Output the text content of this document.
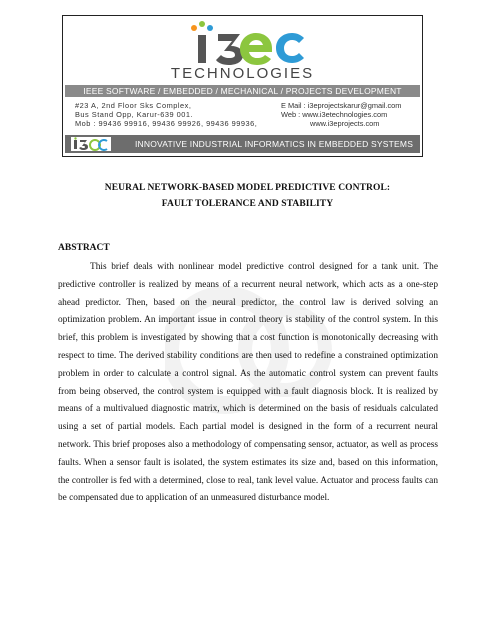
TECHNOLOGIES
IEEE SOFTWARE / EMBEDDED / MECHANICAL / PROJECTS DEVELOPMENT
#23 A, 2nd Floor Sks Complex,
Bus Stand Opp, Karur-639 001.
Mob : 99436 99916, 99436 99926, 99436 99936,
E Mail : i3eprojectskarur@gmail.com
Web : www.i3etechnologies.com
www.i3eprojects.com
INNOVATIVE INDUSTRIAL INFORMATICS IN EMBEDDED SYSTEMS
NEURAL NETWORK-BASED MODEL PREDICTIVE CONTROL:
FAULT TOLERANCE AND STABILITY
ABSTRACT

This brief deals with nonlinear model predictive control designed for a tank unit. The predictive controller is realized by means of a recurrent neural network, which acts as a one-step ahead predictor. Then, based on the neural predictor, the control law is derived solving an optimization problem. An important issue in control theory is stability of the control system. In this brief, this problem is investigated by showing that a cost function is monotonically decreasing with respect to time. The derived stability conditions are then used to redefine a constrained optimization problem in order to calculate a control signal. As the automatic control system can prevent faults from being observed, the control system is equipped with a fault diagnosis block. It is realized by means of a multivalued diagnostic matrix, which is determined on the basis of residuals calculated using a set of partial models. Each partial model is designed in the form of a recurrent neural network. This brief proposes also a methodology of compensating sensor, actuator, as well as process faults. When a sensor fault is isolated, the system estimates its size and, based on this information, the controller is fed with a determined, close to real, tank level value. Actuator and process faults can be compensated due to application of an unmeasured disturbance model.
